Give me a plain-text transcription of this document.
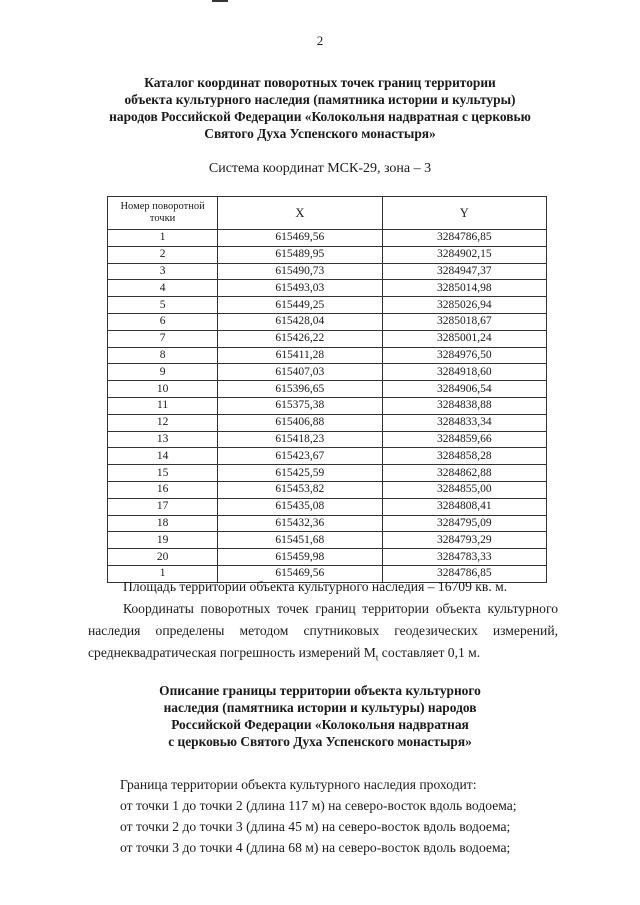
2
Каталог координат поворотных точек границ территории
объекта культурного наследия (памятника истории и культуры)
народов Российской Федерации «Колокольня надвратная с церковью
Святого Духа Успенского монастыря»
Система координат МСК-29, зона – 3
Номер поворотной точки	X	Y
1	615469,56	3284786,85
2	615489,95	3284902,15
3	615490,73	3284947,37
4	615493,03	3285014,98
5	615449,25	3285026,94
6	615428,04	3285018,67
7	615426,22	3285001,24
8	615411,28	3284976,50
9	615407,03	3284918,60
10	615396,65	3284906,54
11	615375,38	3284838,88
12	615406,88	3284833,34
13	615418,23	3284859,66
14	615423,67	3284858,28
15	615425,59	3284862,88
16	615453,82	3284855,00
17	615435,08	3284808,41
18	615432,36	3284795,09
19	615451,68	3284793,29
20	615459,98	3284783,33
1	615469,56	3284786,85
Площадь территории объекта культурного наследия – 16709 кв. м.
Координаты поворотных точек границ территории объекта культурного наследия определены методом спутниковых геодезических измерений, среднеквадратическая погрешность измерений $M_t$ составляет 0,1 м.
Описание границы территории объекта культурного
наследия (памятника истории и культуры) народов
Российской Федерации «Колокольня надвратная
с церковью Святого Духа Успенского монастыря»
Граница территории объекта культурного наследия проходит:
от точки 1 до точки 2 (длина 117 м) на северо-восток вдоль водоема;
от точки 2 до точки 3 (длина 45 м) на северо-восток вдоль водоема;
от точки 3 до точки 4 (длина 68 м) на северо-восток вдоль водоема;
